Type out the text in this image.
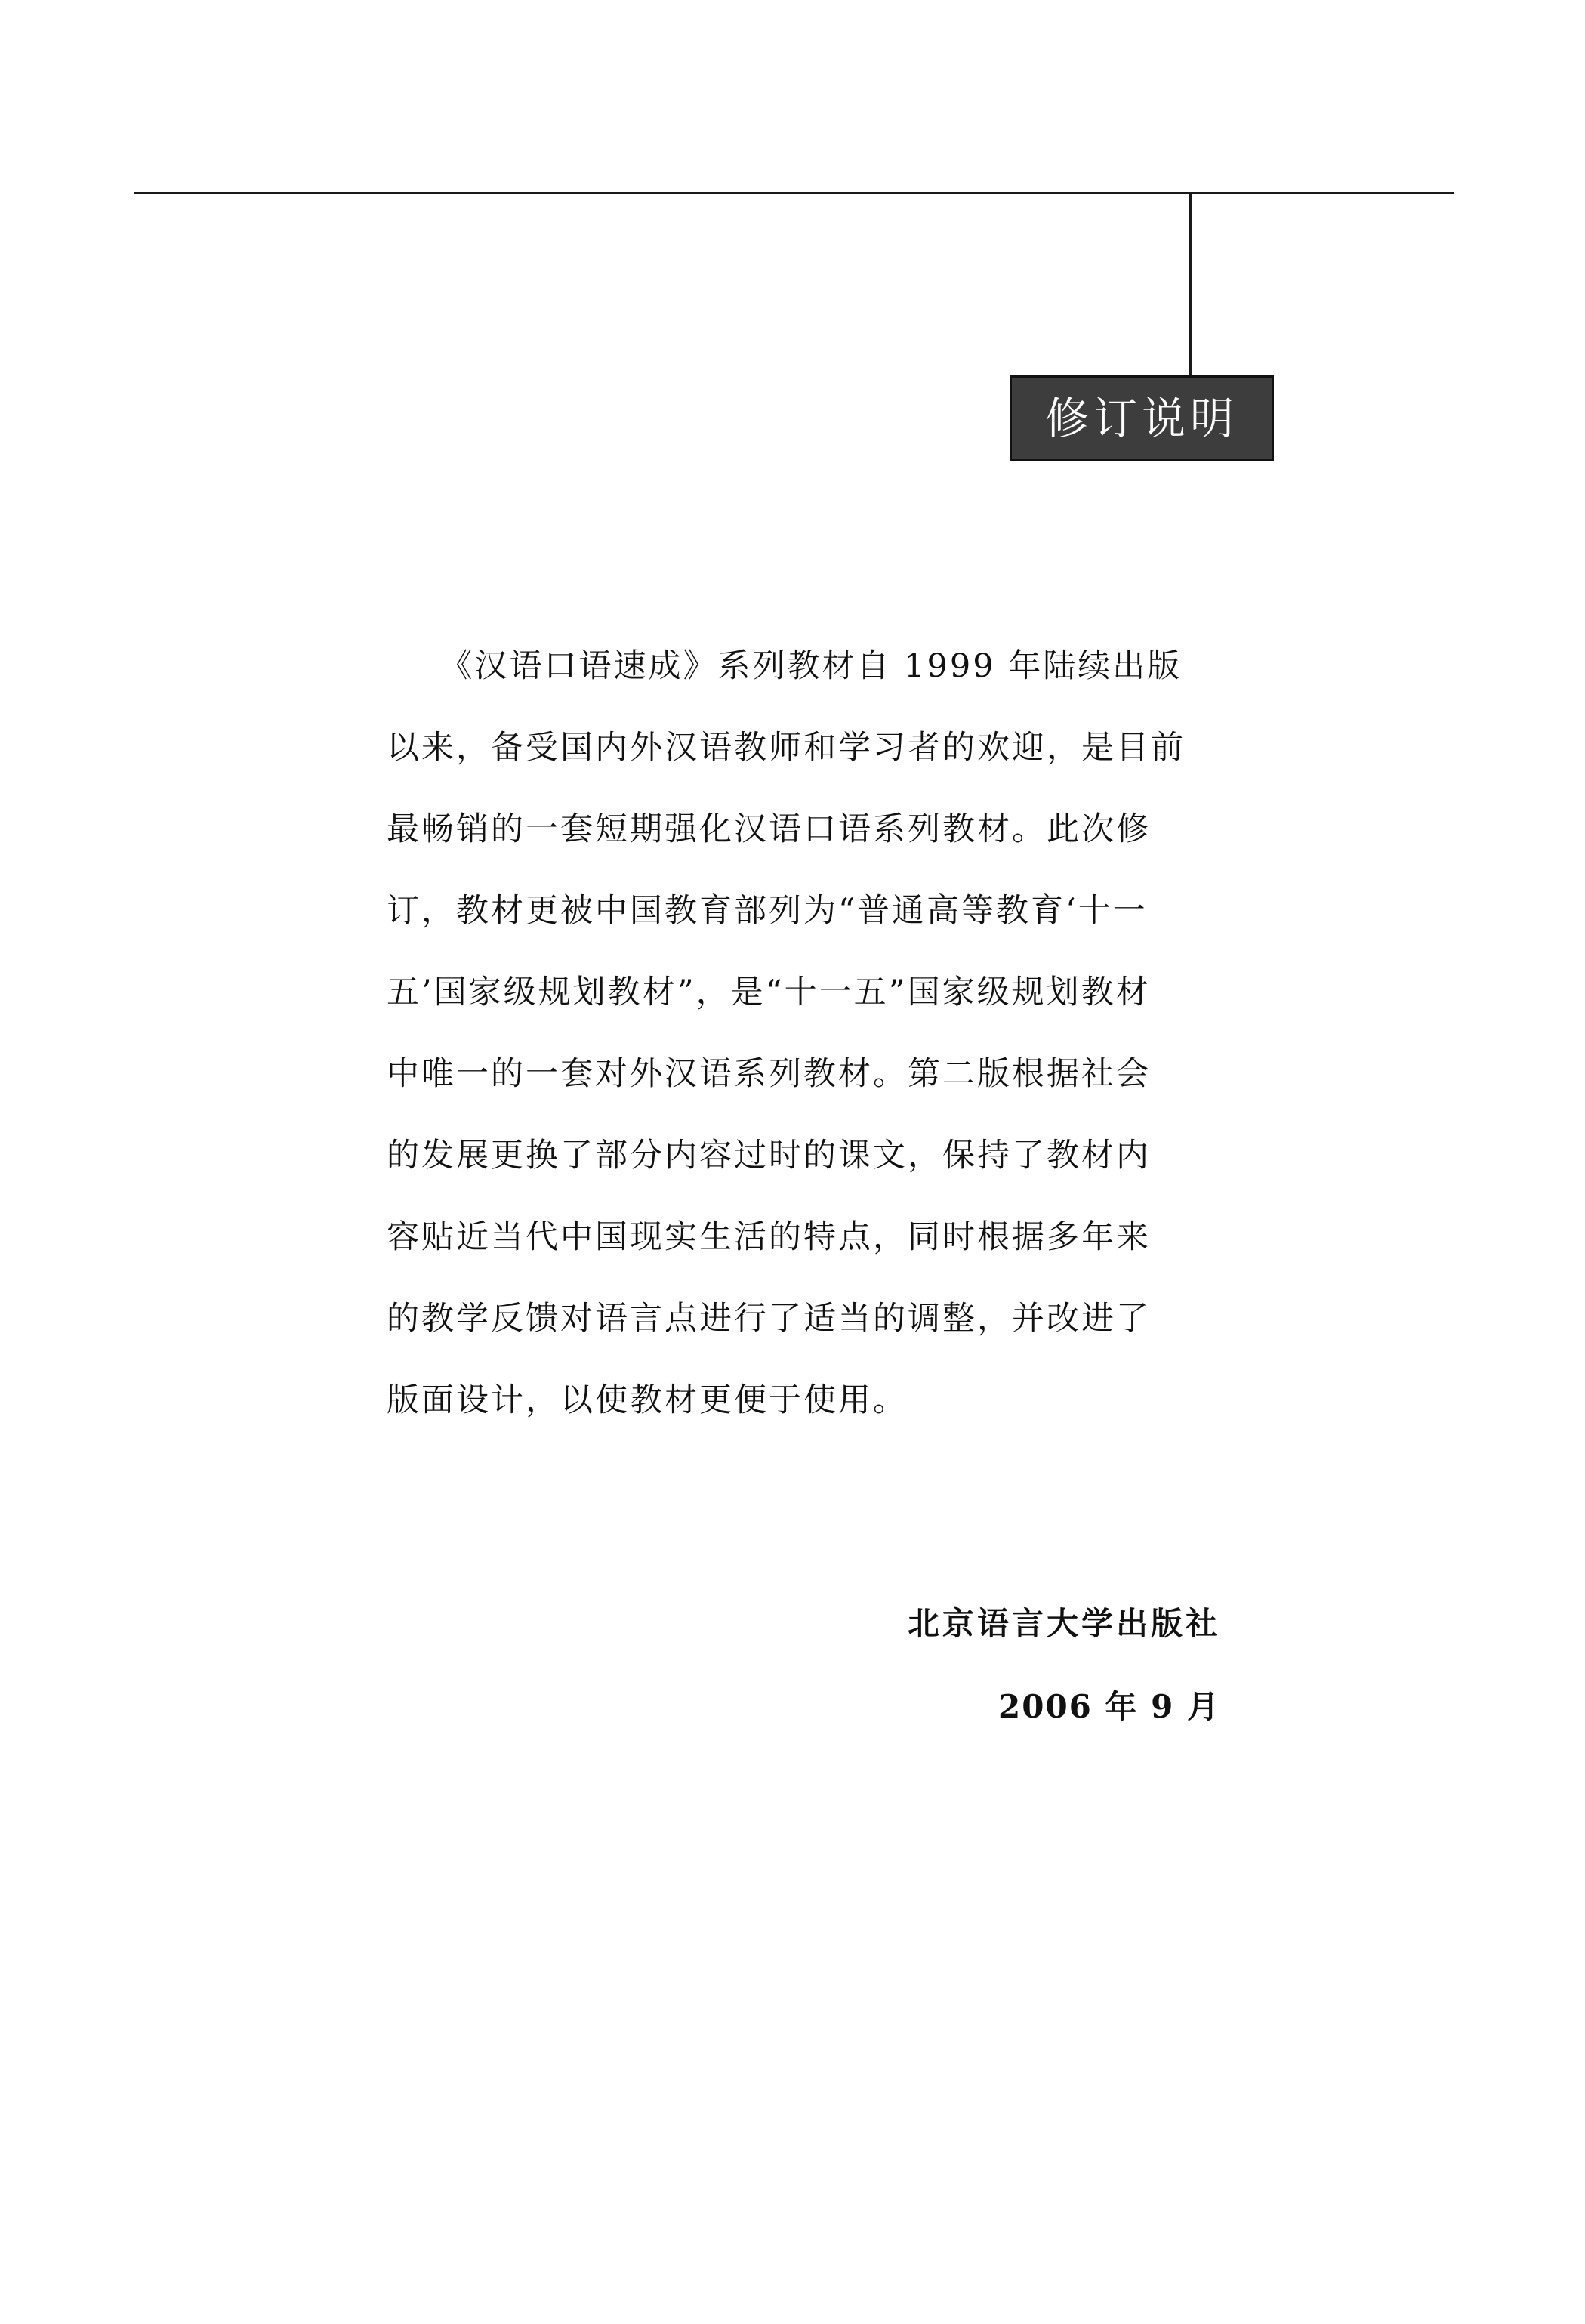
修订说明
　　《汉语口语速成》系列教材自 1999 年陆续出版
以来，备受国内外汉语教师和学习者的欢迎，是目前
最畅销的一套短期强化汉语口语系列教材。此次修
订，教材更被中国教育部列为“普通高等教育‘十一
五’国家级规划教材”，是“十一五”国家级规划教材
中唯一的一套对外汉语系列教材。第二版根据社会
的发展更换了部分内容过时的课文，保持了教材内
容贴近当代中国现实生活的特点，同时根据多年来
的教学反馈对语言点进行了适当的调整，并改进了
版面设计，以使教材更便于使用。
北京语言大学出版社
2006 年 9 月
